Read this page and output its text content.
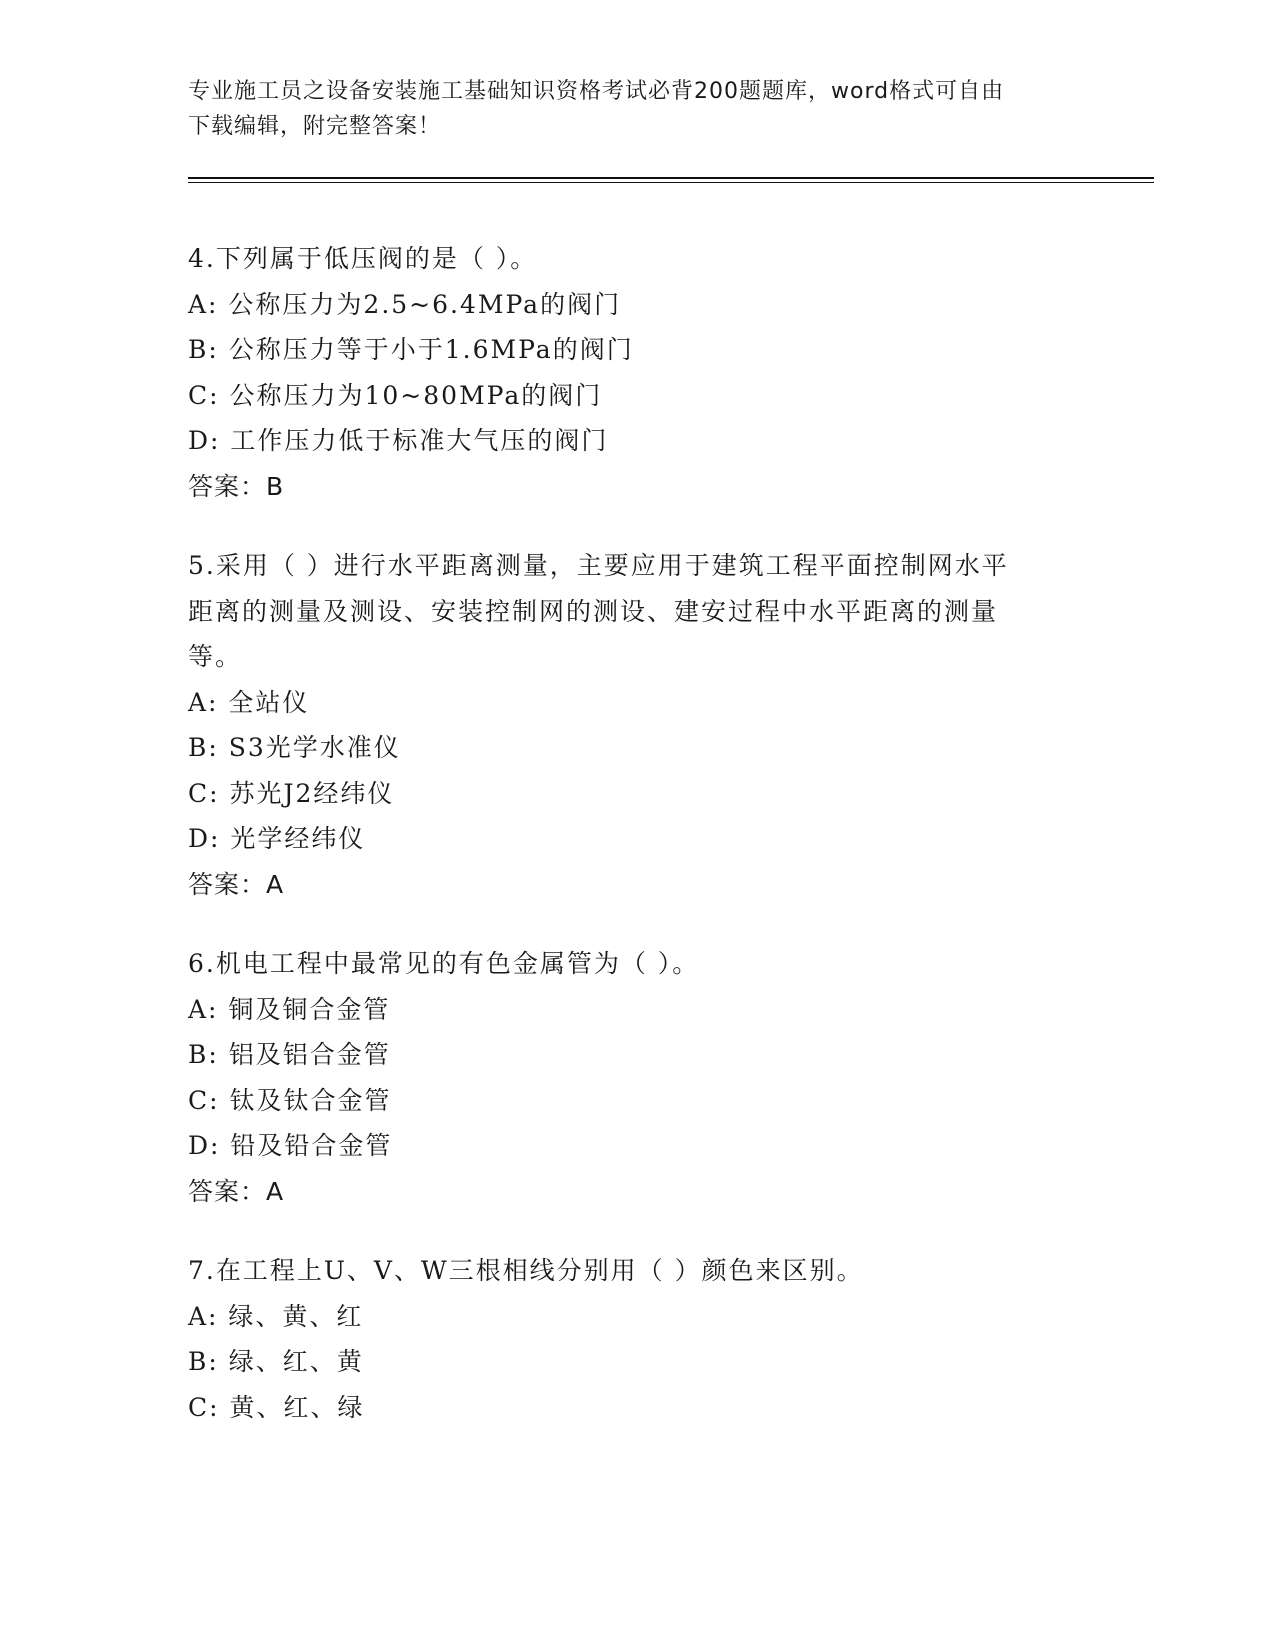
专业施工员之设备安装施工基础知识资格考试必背200题题库，word格式可自由
下载编辑，附完整答案！
4.下列属于低压阀的是（ ）。
A: 公称压力为2.5~6.4MPa的阀门
B: 公称压力等于小于1.6MPa的阀门
C: 公称压力为10~80MPa的阀门
D: 工作压力低于标准大气压的阀门
答案：B
5.采用（ ）进行水平距离测量，主要应用于建筑工程平面控制网水平
距离的测量及测设、安装控制网的测设、建安过程中水平距离的测量
等。
A: 全站仪
B: S3光学水准仪
C: 苏光J2经纬仪
D: 光学经纬仪
答案：A
6.机电工程中最常见的有色金属管为（ ）。
A: 铜及铜合金管
B: 铝及铝合金管
C: 钛及钛合金管
D: 铅及铅合金管
答案：A
7.在工程上U、V、W三根相线分别用（ ）颜色来区别。
A: 绿、黄、红
B: 绿、红、黄
C: 黄、红、绿
